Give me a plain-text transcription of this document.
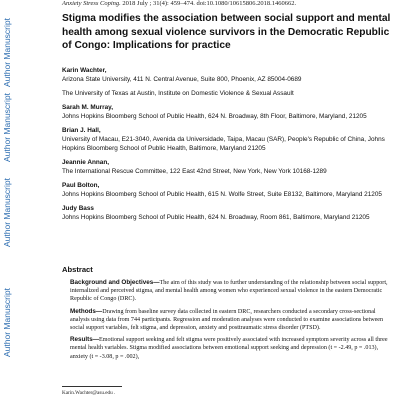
Author Manuscript
Author Manuscript
Author Manuscript
Author Manuscript
Anxiety Stress Coping. 2018 July ; 31(4): 459–474. doi:10.1080/10615806.2018.1460662.
Stigma modifies the association between social support and mental health among sexual violence survivors in the Democratic Republic of Congo: Implications for practice
Karin Wachter,
Arizona State University, 411 N. Central Avenue, Suite 800, Phoenix, AZ 85004-0689
The University of Texas at Austin, Institute on Domestic Violence & Sexual Assault
Sarah M. Murray,
Johns Hopkins Bloomberg School of Public Health, 624 N. Broadway, 8th Floor, Baltimore, Maryland, 21205
Brian J. Hall,
University of Macau, E21-3040, Avenida da Universidade, Taipa, Macau (SAR), People's Republic of China, Johns Hopkins Bloomberg School of Public Health, Baltimore, Maryland 21205
Jeannie Annan,
The International Rescue Committee, 122 East 42nd Street, New York, New York 10168-1289
Paul Bolton,
Johns Hopkins Bloomberg School of Public Health, 615 N. Wolfe Street, Suite E8132, Baltimore, Maryland 21205
Judy Bass
Johns Hopkins Bloomberg School of Public Health, 624 N. Broadway, Room 861, Baltimore, Maryland 21205
Abstract

Background and Objectives—The aim of this study was to further understanding of the relationship between social support, internalized and perceived stigma, and mental health among women who experienced sexual violence in the eastern Democratic Republic of Congo (DRC).

Methods—Drawing from baseline survey data collected in eastern DRC, researchers conducted a secondary cross-sectional analysis using data from 744 participants. Regression and moderation analyses were conducted to examine associations between social support variables, felt stigma, and depression, anxiety and posttraumatic stress disorder (PTSD).

Results—Emotional support seeking and felt stigma were positively associated with increased symptom severity across all three mental health variables. Stigma modified associations between emotional support seeking and depression (t = -2.49, p = .013), anxiety (t = -3.08, p = .002),

Karin.Wachter@asu.edu .
